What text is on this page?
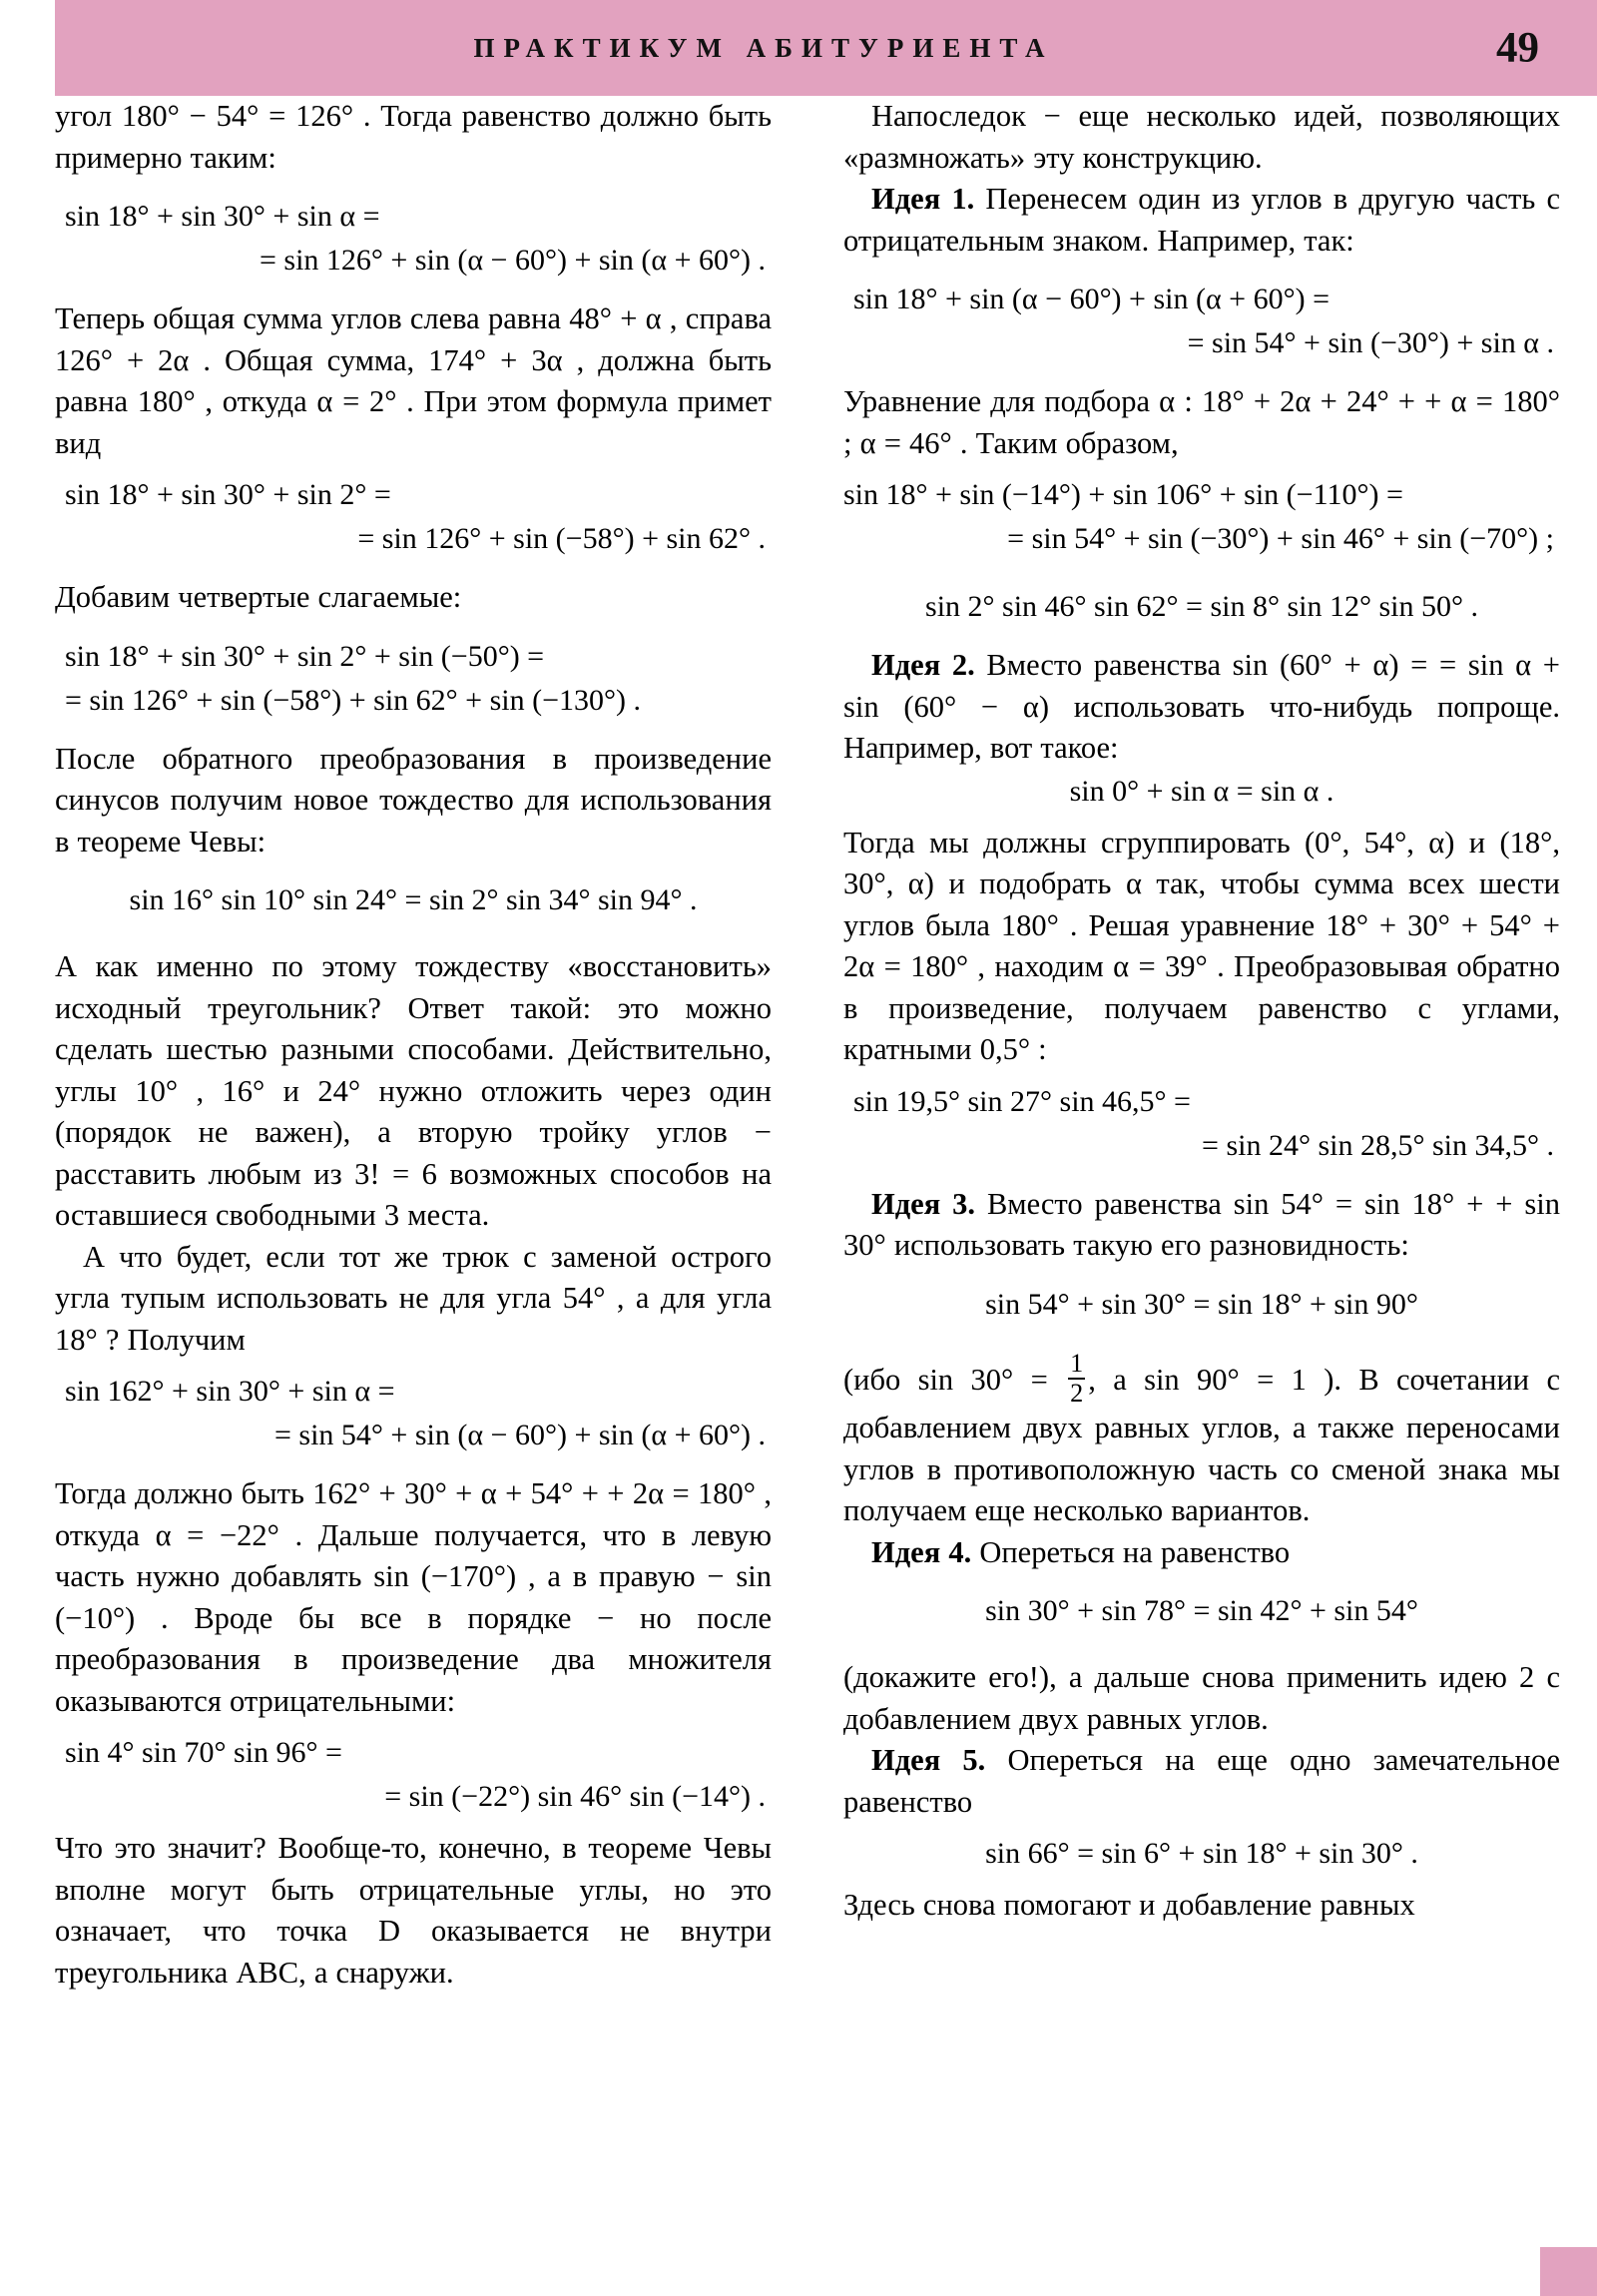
ПРАКТИКУМ АБИТУРИЕНТА	49

угол 180° − 54° = 126° . Тогда равенство должно быть примерно таким:

sin 18° + sin 30° + sin α =
= sin 126° + sin (α − 60°) + sin (α + 60°) .

Теперь общая сумма углов слева равна 48° + α , справа 126° + 2α . Общая сумма, 174° + 3α , должна быть равна 180° , откуда α = 2° . При этом формула примет вид

sin 18° + sin 30° + sin 2° =
= sin 126° + sin (−58°) + sin 62° .

Добавим четвертые слагаемые:

sin 18° + sin 30° + sin 2° + sin (−50°) =
= sin 126° + sin (−58°) + sin 62° + sin (−130°) .

После обратного преобразования в произведение синусов получим новое тождество для использования в теореме Чевы:

sin 16° sin 10° sin 24° = sin 2° sin 34° sin 94° .

А как именно по этому тождеству «восстановить» исходный треугольник? Ответ такой: это можно сделать шестью разными способами. Действительно, углы 10° , 16° и 24° нужно отложить через один (порядок не важен), а вторую тройку углов − расставить любым из 3! = 6 возможных способов на оставшиеся свободными 3 места.

А что будет, если тот же трюк с заменой острого угла тупым использовать не для угла 54° , а для угла 18° ? Получим

sin 162° + sin 30° + sin α =
= sin 54° + sin (α − 60°) + sin (α + 60°) .

Тогда должно быть 162° + 30° + α + 54° + + 2α = 180° , откуда α = −22° . Дальше получается, что в левую часть нужно добавлять sin (−170°) , а в правую − sin (−10°) . Вроде бы все в порядке − но после преобразования в произведение два множителя оказываются отрицательными:

sin 4° sin 70° sin 96° =
= sin (−22°) sin 46° sin (−14°) .

Что это значит? Вообще-то, конечно, в теореме Чевы вполне могут быть отрицательные углы, но это означает, что точка D оказывается не внутри треугольника ABC, а снаружи.

Напоследок − еще несколько идей, позволяющих «размножать» эту конструкцию.

Идея 1. Перенесем один из углов в другую часть с отрицательным знаком. Например, так:

sin 18° + sin (α − 60°) + sin (α + 60°) =
= sin 54° + sin (−30°) + sin α .

Уравнение для подбора α : 18° + 2α + 24° + + α = 180° ; α = 46° . Таким образом,

sin 18° + sin (−14°) + sin 106° + sin (−110°) =
= sin 54° + sin (−30°) + sin 46° + sin (−70°) ;
sin 2° sin 46° sin 62° = sin 8° sin 12° sin 50° .

Идея 2. Вместо равенства sin (60° + α) = = sin α + sin (60° − α) использовать что-нибудь попроще. Например, вот такое:

sin 0° + sin α = sin α .

Тогда мы должны сгруппировать (0°, 54°, α) и (18°, 30°, α) и подобрать α так, чтобы сумма всех шести углов была 180° . Решая уравнение 18° + 30° + 54° + 2α = 180° , находим α = 39° . Преобразовывая обратно в произведение, получаем равенство с углами, кратными 0,5° :

sin 19,5° sin 27° sin 46,5° =
= sin 24° sin 28,5° sin 34,5° .

Идея 3. Вместо равенства sin 54° = sin 18° + + sin 30° использовать такую его разновидность:

sin 54° + sin 30° = sin 18° + sin 90°

(ибо $\sin 30^\circ = \frac{1}{2}$ , а sin 90° = 1 ). В сочетании с добавлением двух равных углов, а также переносами углов в противоположную часть со сменой знака мы получаем еще несколько вариантов.

Идея 4. Опереться на равенство

sin 30° + sin 78° = sin 42° + sin 54°

(докажите его!), а дальше снова применить идею 2 с добавлением двух равных углов.

Идея 5. Опереться на еще одно замечательное равенство

sin 66° = sin 6° + sin 18° + sin 30° .

Здесь снова помогают и добавление равных
